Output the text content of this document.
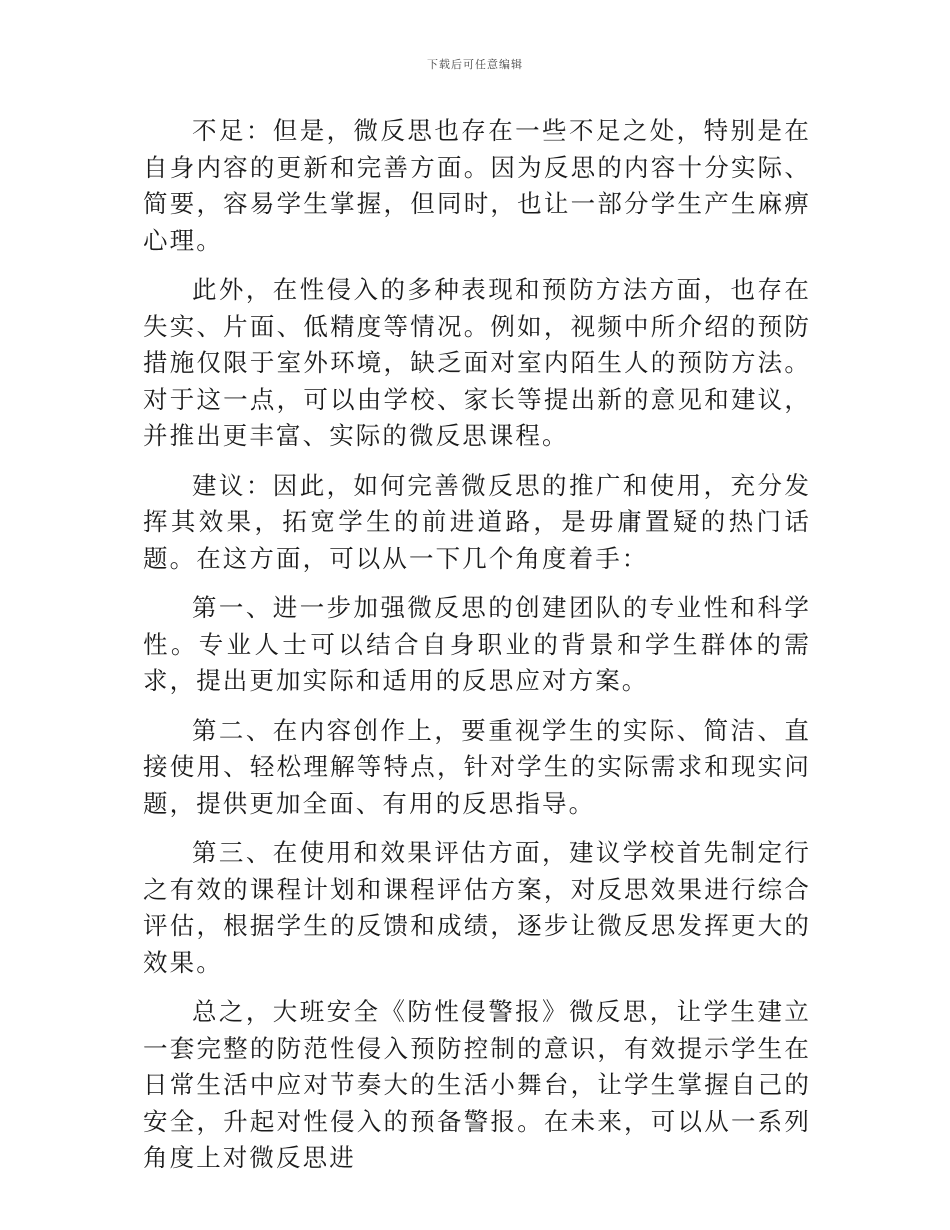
下载后可任意编辑

不足：但是，微反思也存在一些不足之处，特别是在自身内容的更新和完善方面。因为反思的内容十分实际、简要，容易学生掌握，但同时，也让一部分学生产生麻痹心理。

此外，在性侵入的多种表现和预防方法方面，也存在失实、片面、低精度等情况。例如，视频中所介绍的预防措施仅限于室外环境，缺乏面对室内陌生人的预防方法。对于这一点，可以由学校、家长等提出新的意见和建议，并推出更丰富、实际的微反思课程。

建议：因此，如何完善微反思的推广和使用，充分发挥其效果，拓宽学生的前进道路，是毋庸置疑的热门话题。在这方面，可以从一下几个角度着手：

第一、进一步加强微反思的创建团队的专业性和科学性。专业人士可以结合自身职业的背景和学生群体的需求，提出更加实际和适用的反思应对方案。

第二、在内容创作上，要重视学生的实际、简洁、直接使用、轻松理解等特点，针对学生的实际需求和现实问题，提供更加全面、有用的反思指导。

第三、在使用和效果评估方面，建议学校首先制定行之有效的课程计划和课程评估方案，对反思效果进行综合评估，根据学生的反馈和成绩，逐步让微反思发挥更大的效果。

总之，大班安全《防性侵警报》微反思，让学生建立一套完整的防范性侵入预防控制的意识，有效提示学生在日常生活中应对节奏大的生活小舞台，让学生掌握自己的安全，升起对性侵入的预备警报。在未来，可以从一系列角度上对微反思进
